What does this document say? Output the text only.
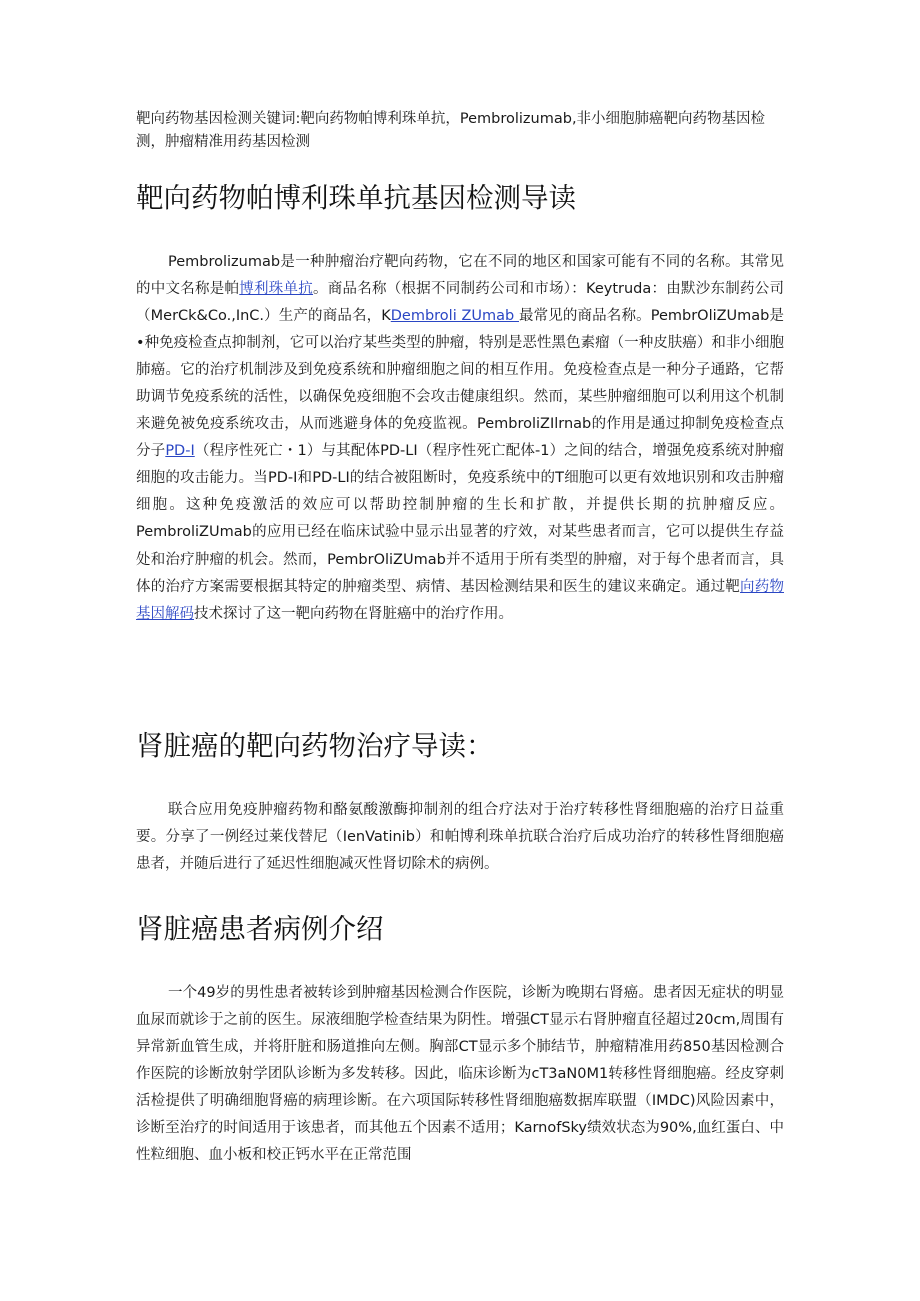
靶向药物基因检测关键词:靶向药物帕博利珠单抗，Pembrolizumab,非小细胞肺癌靶向药物基因检测，肿瘤精准用药基因检测

靶向药物帕博利珠单抗基因检测导读

Pembrolizumab是一种肿瘤治疗靶向药物，它在不同的地区和国家可能有不同的名称。其常见的中文名称是帕博利珠单抗。商品名称（根据不同制药公司和市场）：Keytruda：由默沙东制药公司（MerCk&Co.,InC.）生产的商品名，KDembroli ZUmab 最常见的商品名称。PembrOliZUmab是•种免疫检查点抑制剂，它可以治疗某些类型的肿瘤，特别是恶性黑色素瘤（一种皮肤癌）和非小细胞肺癌。它的治疗机制涉及到免疫系统和肿瘤细胞之间的相互作用。免疫检查点是一种分子通路，它帮助调节免疫系统的活性，以确保免疫细胞不会攻击健康组织。然而，某些肿瘤细胞可以利用这个机制来避免被免疫系统攻击，从而逃避身体的免疫监视。PembroliZIlrnab的作用是通过抑制免疫检查点分子PD-I（程序性死亡・1）与其配体PD-LI（程序性死亡配体-1）之间的结合，增强免疫系统对肿瘤细胞的攻击能力。当PD-I和PD-LI的结合被阻断时，免疫系统中的T细胞可以更有效地识别和攻击肿瘤细胞。这种免疫激活的效应可以帮助控制肿瘤的生长和扩散，并提供长期的抗肿瘤反应。PembroliZUmab的应用已经在临床试验中显示出显著的疗效，对某些患者而言，它可以提供生存益处和治疗肿瘤的机会。然而，PembrOliZUmab并不适用于所有类型的肿瘤，对于每个患者而言，具体的治疗方案需要根据其特定的肿瘤类型、病情、基因检测结果和医生的建议来确定。通过靶向药物基因解码技术探讨了这一靶向药物在肾脏癌中的治疗作用。

肾脏癌的靶向药物治疗导读：

联合应用免疫肿瘤药物和酪氨酸激酶抑制剂的组合疗法对于治疗转移性肾细胞癌的治疗日益重要。分享了一例经过莱伐替尼（IenVatinib）和帕博利珠单抗联合治疗后成功治疗的转移性肾细胞癌患者，并随后进行了延迟性细胞减灭性肾切除术的病例。

肾脏癌患者病例介绍

一个49岁的男性患者被转诊到肿瘤基因检测合作医院，诊断为晚期右肾癌。患者因无症状的明显血尿而就诊于之前的医生。尿液细胞学检查结果为阴性。增强CT显示右肾肿瘤直径超过20cm,周围有异常新血管生成，并将肝脏和肠道推向左侧。胸部CT显示多个肺结节，肿瘤精准用药850基因检测合作医院的诊断放射学团队诊断为多发转移。因此，临床诊断为cT3aN0M1转移性肾细胞癌。经皮穿刺活检提供了明确细胞肾癌的病理诊断。在六项国际转移性肾细胞癌数据库联盟（IMDC)风险因素中，诊断至治疗的时间适用于该患者，而其他五个因素不适用；KarnofSky绩效状态为90%,血红蛋白、中性粒细胞、血小板和校正钙水平在正常范围
